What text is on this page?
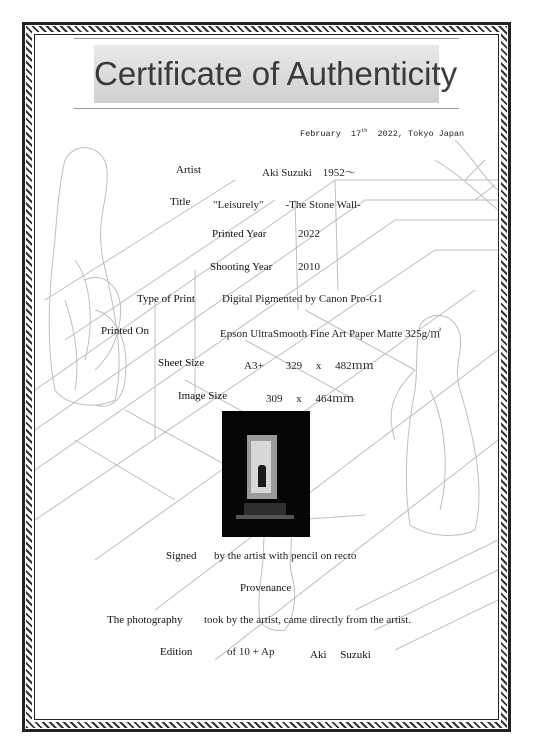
Certificate of Authenticity
February 17th 2022, Tokyo Japan
Artist	Aki Suzuki　1952〜
Title "Leisurely"　　-The Stone Wall-
Printed Year	2022
Shooting Year 2010
Type of Print Digital Pigmented by Canon Pro-G1
Printed On	Epson UltraSmooth Fine Art Paper Matte 325g/㎡
Sheet Size	A3+　　329　 x 　482ｍｍ
Image Size	309　 x 　464ｍｍ
Signed by the artist with pencil on recto
Provenance
The photography took by the artist, came directly from the artist.
Edition	of 10 + Ap	Aki　 Suzuki
